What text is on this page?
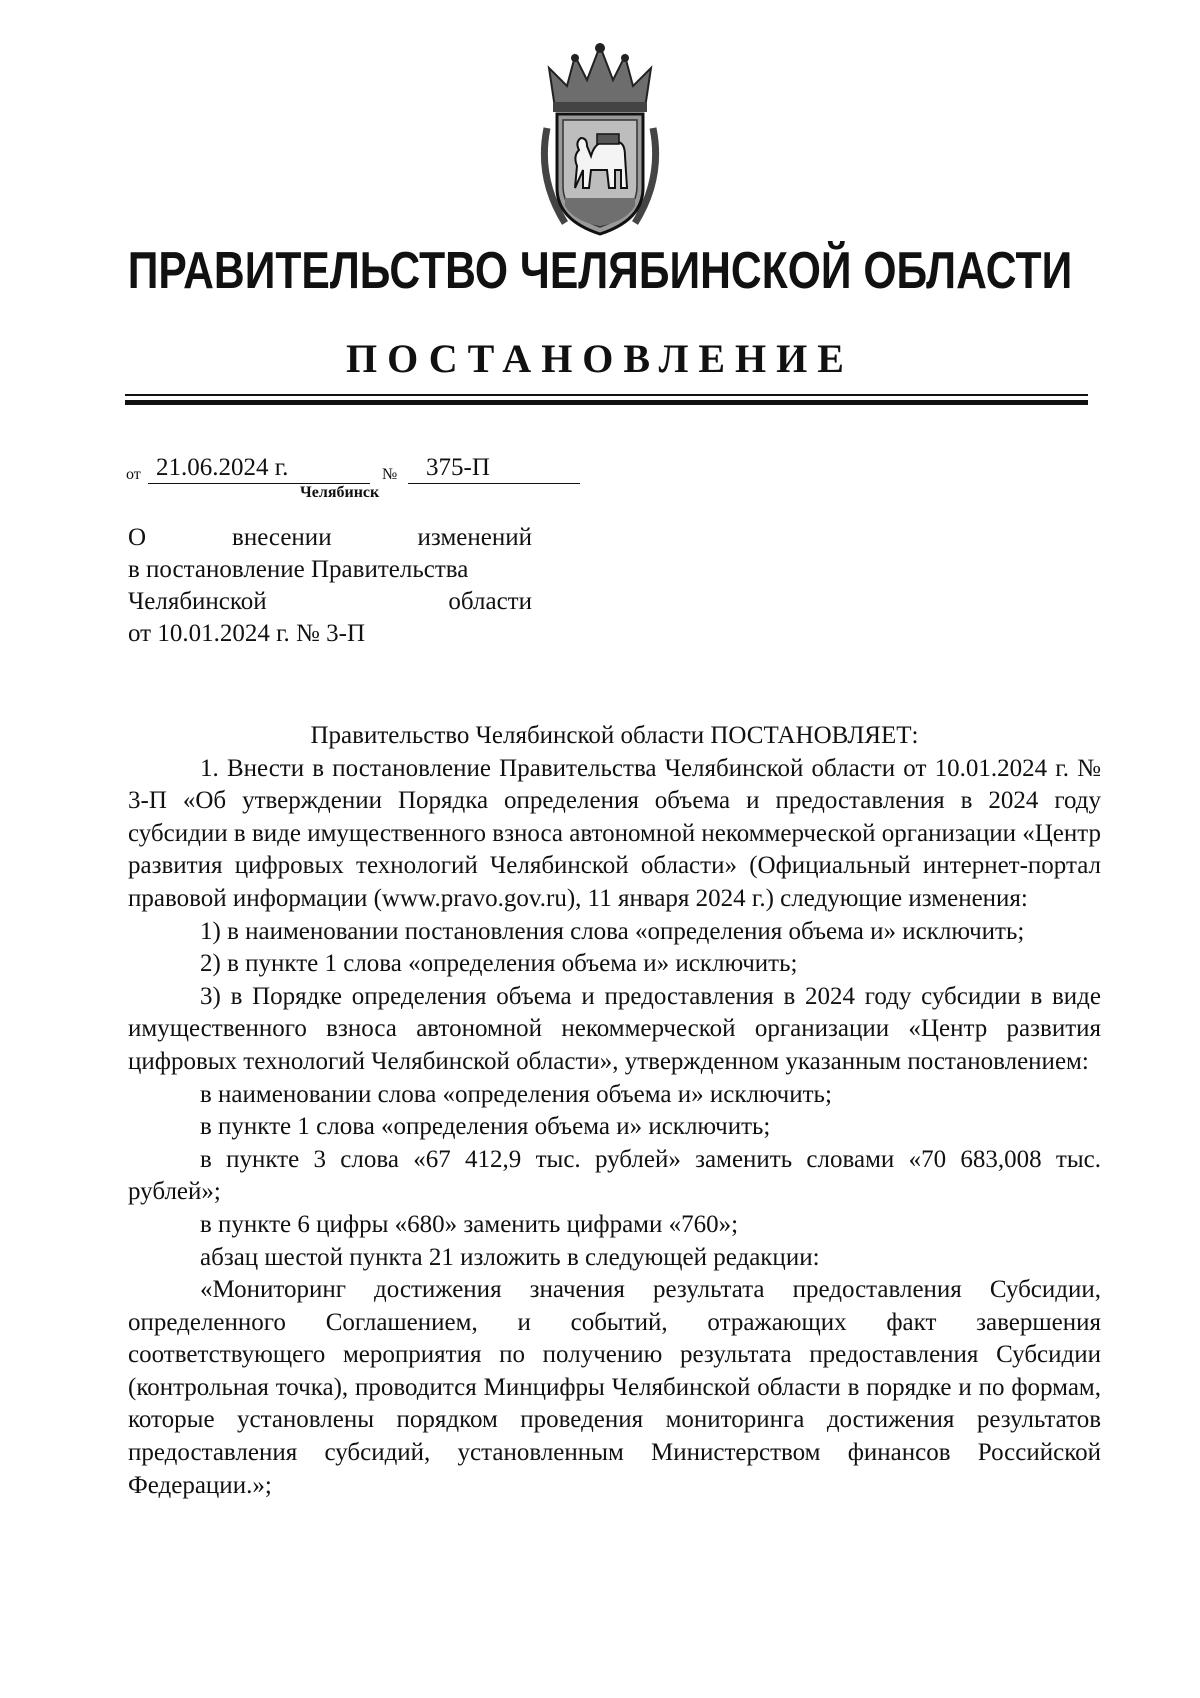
ПРАВИТЕЛЬСТВО ЧЕЛЯБИНСКОЙ ОБЛАСТИ
ПОСТАНОВЛЕНИЕ
от 21.06.2024 г.	№ 375-П
Челябинск
О	внесении	изменений
в постановление Правительства
Челябинской	области
от 10.01.2024 г. № 3-П

Правительство Челябинской области ПОСТАНОВЛЯЕТ:

1. Внести в постановление Правительства Челябинской области от 10.01.2024 г. № 3-П «Об утверждении Порядка определения объема и предоставления в 2024 году субсидии в виде имущественного взноса автономной некоммерческой организации «Центр развития цифровых технологий Челябинской области» (Официальный интернет-портал правовой информации (www.pravo.gov.ru), 11 января 2024 г.) следующие изменения:

1) в наименовании постановления слова «определения объема и» исключить;

2) в пункте 1 слова «определения объема и» исключить;

3) в Порядке определения объема и предоставления в 2024 году субсидии в виде имущественного взноса автономной некоммерческой организации «Центр развития цифровых технологий Челябинской области», утвержденном указанным постановлением:

в наименовании слова «определения объема и» исключить;

в пункте 1 слова «определения объема и» исключить;

в пункте 3 слова «67 412,9 тыс. рублей» заменить словами «70 683,008 тыс. рублей»;

в пункте 6 цифры «680» заменить цифрами «760»;

абзац шестой пункта 21 изложить в следующей редакции:

«Мониторинг достижения значения результата предоставления Субсидии, определенного Соглашением, и событий, отражающих факт завершения соответствующего мероприятия по получению результата предоставления Субсидии (контрольная точка), проводится Минцифры Челябинской области в порядке и по формам, которые установлены порядком проведения мониторинга достижения результатов предоставления субсидий, установленным Министерством финансов Российской Федерации.»;
